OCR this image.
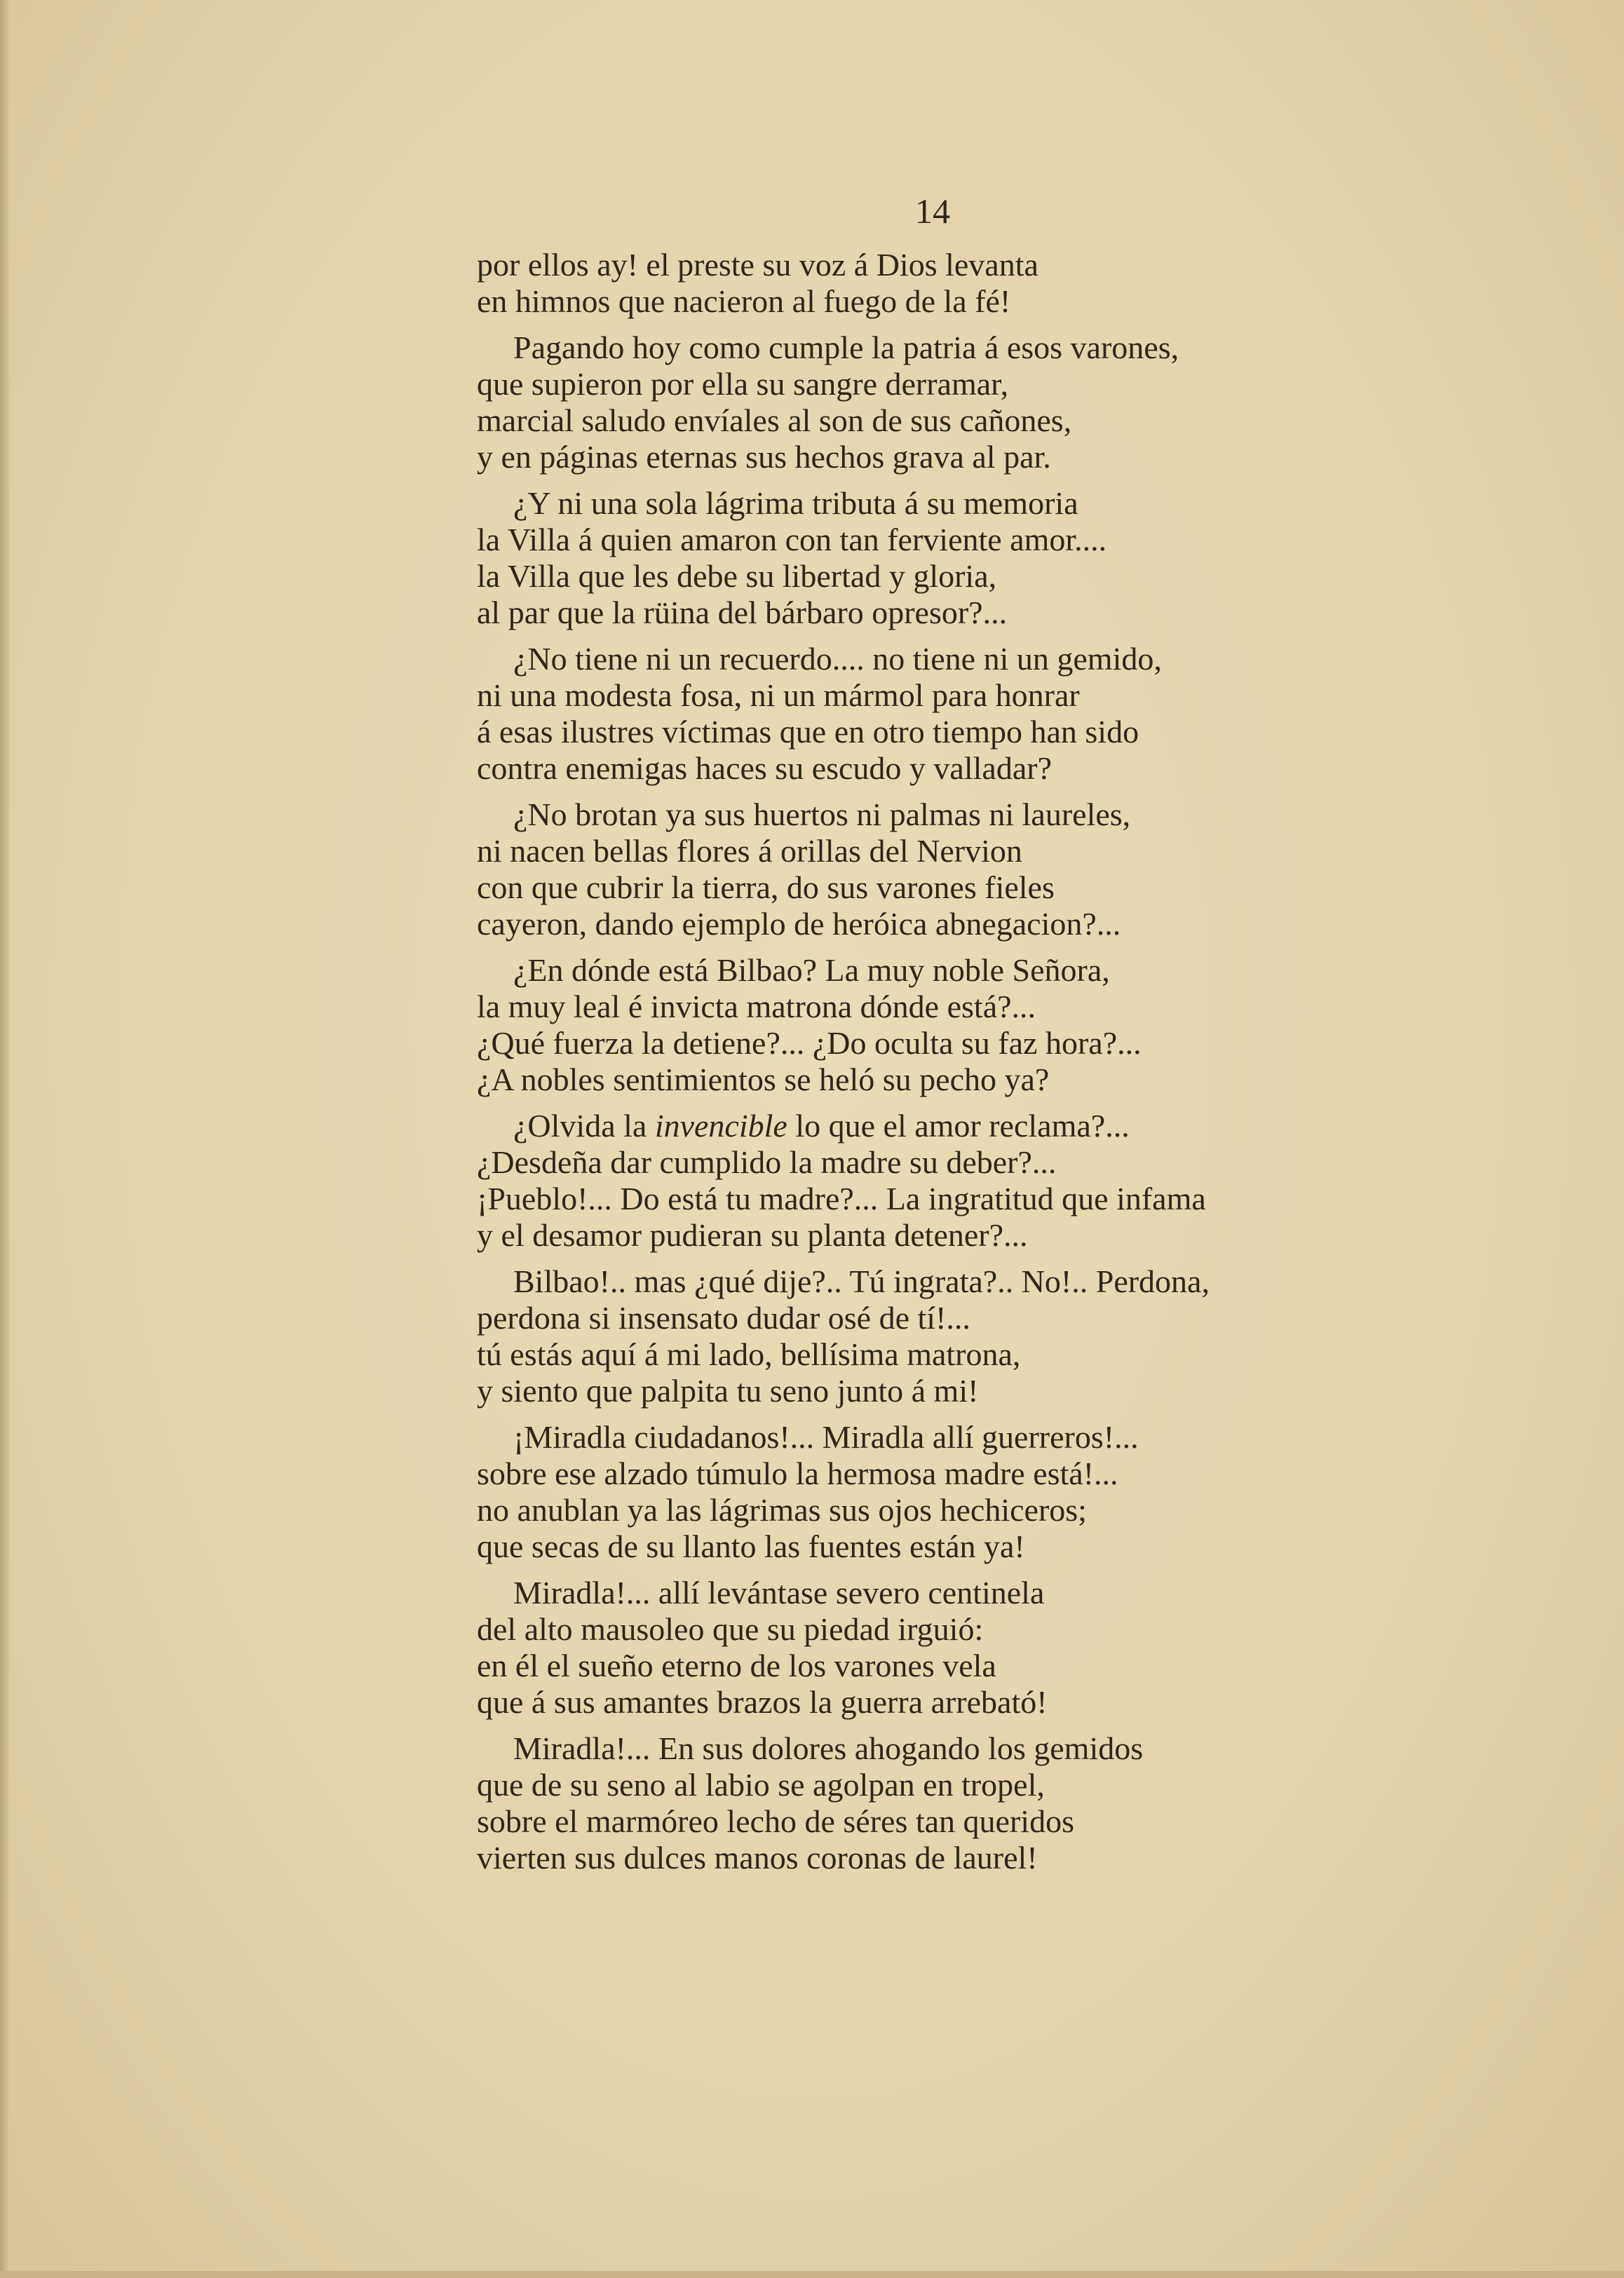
14
por ellos ay! el preste su voz á Dios levanta
en himnos que nacieron al fuego de la fé!
Pagando hoy como cumple la patria á esos varones,
que supieron por ella su sangre derramar,
marcial saludo envíales al son de sus cañones,
y en páginas eternas sus hechos grava al par.
¿Y ni una sola lágrima tributa á su memoria
la Villa á quien amaron con tan ferviente amor....
la Villa que les debe su libertad y gloria,
al par que la rüina del bárbaro opresor?...
¿No tiene ni un recuerdo.... no tiene ni un gemido,
ni una modesta fosa, ni un mármol para honrar
á esas ilustres víctimas que en otro tiempo han sido
contra enemigas haces su escudo y valladar?
¿No brotan ya sus huertos ni palmas ni laureles,
ni nacen bellas flores á orillas del Nervion
con que cubrir la tierra, do sus varones fieles
cayeron, dando ejemplo de heróica abnegacion?...
¿En dónde está Bilbao? La muy noble Señora,
la muy leal é invicta matrona dónde está?...
¿Qué fuerza la detiene?... ¿Do oculta su faz hora?...
¿A nobles sentimientos se heló su pecho ya?
¿Olvida la invencible lo que el amor reclama?...
¿Desdeña dar cumplido la madre su deber?...
¡Pueblo!... Do está tu madre?... La ingratitud que infama
y el desamor pudieran su planta detener?...
Bilbao!.. mas ¿qué dije?.. Tú ingrata?.. No!.. Perdona,
perdona si insensato dudar osé de tí!...
tú estás aquí á mi lado, bellísima matrona,
y siento que palpita tu seno junto á mi!
¡Miradla ciudadanos!... Miradla allí guerreros!...
sobre ese alzado túmulo la hermosa madre está!...
no anublan ya las lágrimas sus ojos hechiceros;
que secas de su llanto las fuentes están ya!
Miradla!... allí levántase severo centinela
del alto mausoleo que su piedad irguió:
en él el sueño eterno de los varones vela
que á sus amantes brazos la guerra arrebató!
Miradla!... En sus dolores ahogando los gemidos
que de su seno al labio se agolpan en tropel,
sobre el marmóreo lecho de séres tan queridos
vierten sus dulces manos coronas de laurel!
